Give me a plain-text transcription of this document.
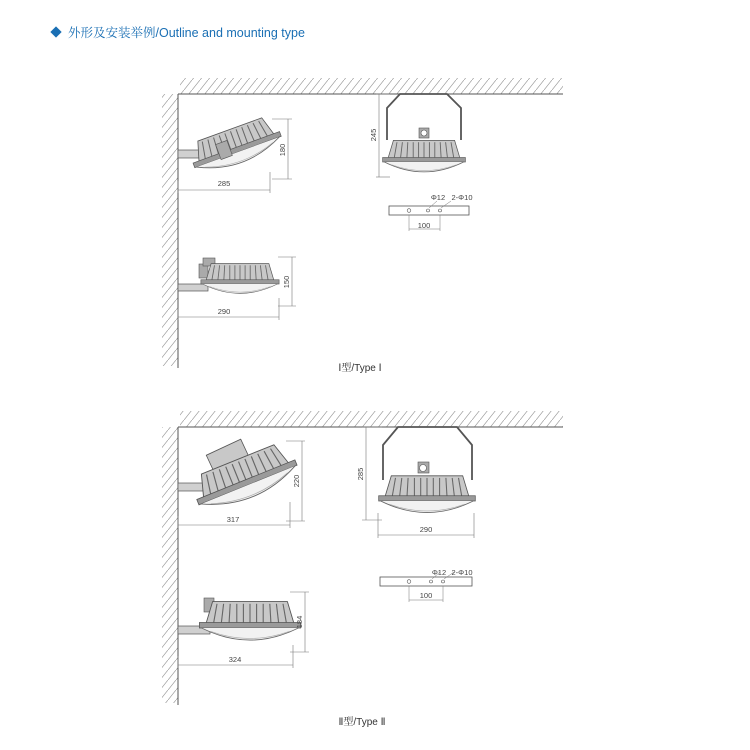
外形及安装举例/Outline and mounting type
285
180
245
Φ12 2-Φ10
100
290
150
Ⅰ型/Type Ⅰ
317
220
285
290
Φ12 2-Φ10
100
324
184
Ⅱ型/Type Ⅱ
